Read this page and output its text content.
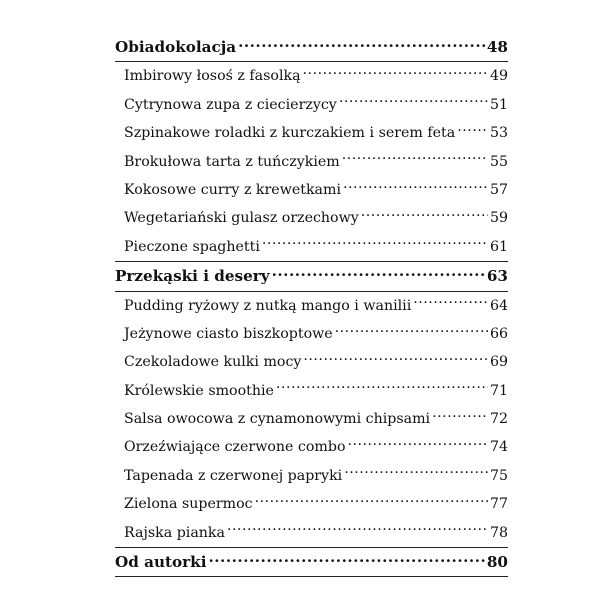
Obiadokolacja .....	48
Imbirowy łosoś z fasolką .....	49
Cytrynowa zupa z ciecierzycy .....	51
Szpinakowe roladki z kurczakiem i serem feta ..... 53
Brokułowa tarta z tuńczykiem .....	55
Kokosowe curry z krewetkami .....	57
Wegetariański gulasz orzechowy .....	59
Pieczone spaghetti .....	61
Przekąski i desery .....	63
Pudding ryżowy z nutką mango i wanilii .....	64
Jeżynowe ciasto biszkoptowe .....	66
Czekoladowe kulki mocy .....	69
Królewskie smoothie .....	71
Salsa owocowa z cynamonowymi chipsami .....	72
Orzeźwiające czerwone combo .....	74
Tapenada z czerwonej papryki .....	75
Zielona supermoc .....	77
Rajska pianka .....	78
Od autorki .....	80
